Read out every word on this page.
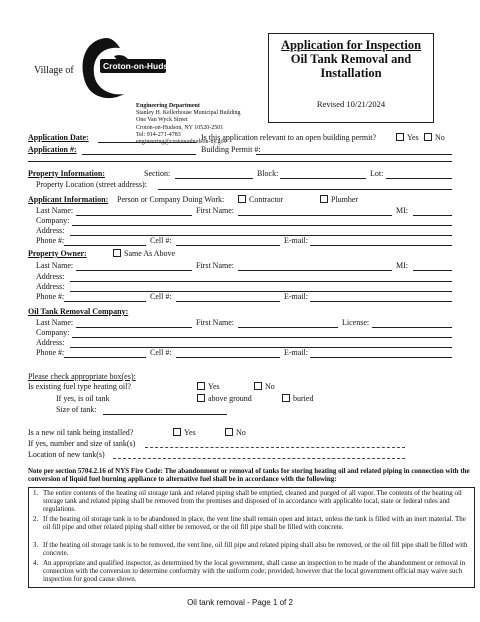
Village of	Croton-on-Hudson
Engineering Department
Stanley H. Kellerhouse Municipal Building
One Van Wyck Street
Croton-on-Hudson, NY 10520-2501
Tel: 914-271-4783
engineering@crotononhudson-ny.gov
Application for Inspection
Oil Tank Removal and
Installation
Revised 10/21/2024
Application Date:	Is this application relevant to an open building permit?	Yes	No
Application #:	Building Permit #:
Property Information:	Section:	Block:	Lot:
Property Location (street address):
Applicant Information: Person or Company Doing Work:	Contractor	Plumber
Last Name:	First Name:	MI:
Company:
Address:
Phone #:	Cell #:	E-mail:
Property Owner:	Same As Above
Last Name:	First Name:	MI:
Address:
Address:
Phone #:	Cell #:	E-mail:
Oil Tank Removal Company:
Last Name:	First Name:	License:
Company:
Address:
Phone #:	Cell #:	E-mail:
Please check appropriate box(es):
Is existing fuel type heating oil?	Yes	No
If yes, is oil tank	above ground	buried
Size of tank:
Is a new oil tank being installed?	Yes	No
If yes, number and size of tank(s)
Location of new tank(s)
Note per section 5704.2.16 of NYS Fire Code: The abandonment or removal of tanks for storing heating oil and related piping in connection with the conversion of liquid fuel burning appliance to alternative fuel shall be in accordance with the following:
1. The entire contents of the heating oil storage tank and related piping shall be emptied, cleaned and purged of all vapor. The contents of the heating oil storage tank and related piping shall be removed from the premises and disposed of in accordance with applicable local, state or federal rules and regulations.
2. If the heating oil storage tank is to be abandoned in place, the vent line shall remain open and intact, unless the tank is filled with an inert material. The oil fill pipe and other related piping shall either be removed, or the oil fill pipe shall be filled with concrete.
3. If the heating oil storage tank is to be removed, the vent line, oil fill pipe and related piping shall also be removed, or the oil fill pipe shall be filled with concrete.
4. An appropriate and qualified inspector, as determined by the local government, shall cause an inspection to be made of the abandonment or removal in connection with the conversion to determine conformity with the uniform code; provided, however that the local government official may waive such inspection for good cause shown.
Oil tank removal - Page 1 of 2
